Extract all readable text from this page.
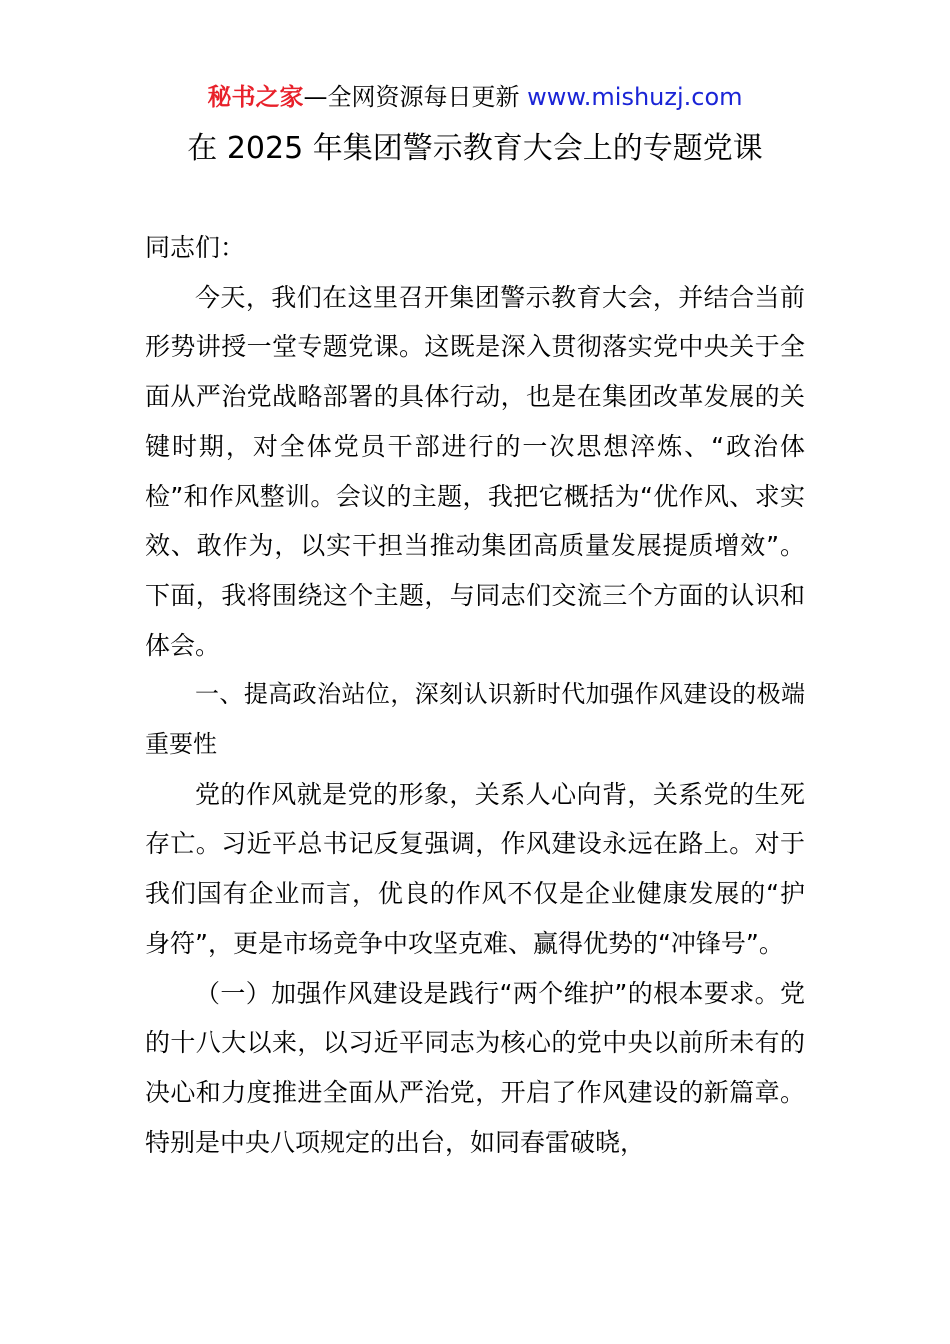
秘书之家—全网资源每日更新 www.mishuzj.com
在 2025 年集团警示教育大会上的专题党课

同志们：

今天，我们在这里召开集团警示教育大会，并结合当前形势讲授一堂专题党课。这既是深入贯彻落实党中央关于全面从严治党战略部署的具体行动，也是在集团改革发展的关键时期，对全体党员干部进行的一次思想淬炼、“政治体检”和作风整训。会议的主题，我把它概括为“优作风、求实效、敢作为，以实干担当推动集团高质量发展提质增效”。下面，我将围绕这个主题，与同志们交流三个方面的认识和体会。

一、提高政治站位，深刻认识新时代加强作风建设的极端重要性

党的作风就是党的形象，关系人心向背，关系党的生死存亡。习近平总书记反复强调，作风建设永远在路上。对于我们国有企业而言，优良的作风不仅是企业健康发展的“护身符”，更是市场竞争中攻坚克难、赢得优势的“冲锋号”。

（一）加强作风建设是践行“两个维护”的根本要求。党的十八大以来，以习近平同志为核心的党中央以前所未有的决心和力度推进全面从严治党，开启了作风建设的新篇章。特别是中央八项规定的出台，如同春雷破晓，
